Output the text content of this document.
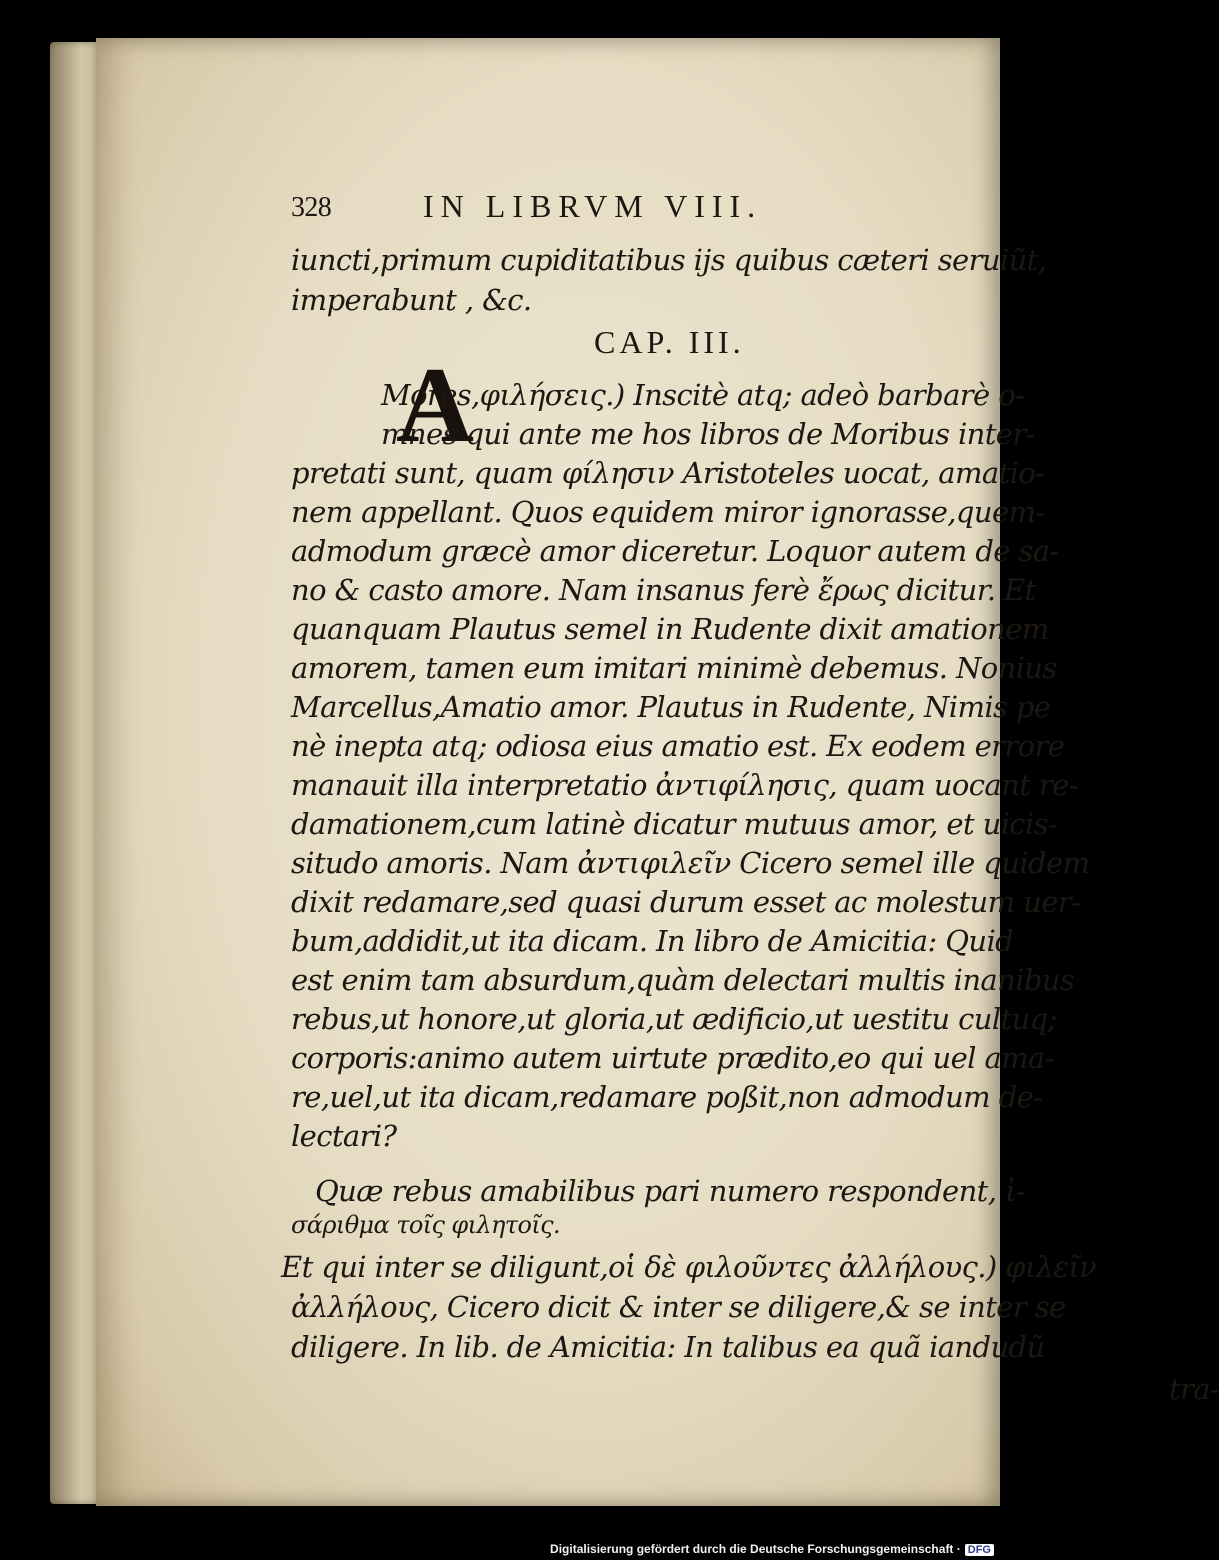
328	IN LIBRVM VIII.
iuncti,primum cupiditatibus ijs quibus cæteri seruiũt,
imperabunt , &c.
CAP. III.
A
Mores,φιλήσεις.) Inscitè atq; adeò barbarè o-
mnes qui ante me hos libros de Moribus inter-
pretati sunt, quam φίλησιν Aristoteles uocat, amatio-
nem appellant. Quos equidem miror ignorasse,quem-
admodum græcè amor diceretur. Loquor autem de sa-
no & casto amore. Nam insanus ferè ἔρως dicitur. Et
quanquam Plautus semel in Rudente dixit amationem
amorem, tamen eum imitari minimè debemus. Nonius
Marcellus,Amatio amor. Plautus in Rudente, Nimis pe
nè inepta atq; odiosa eius amatio est. Ex eodem errore
manauit illa interpretatio ἀντιφίλησις, quam uocant re-
damationem,cum latinè dicatur mutuus amor, et uicis-
situdo amoris. Nam ἀντιφιλεῖν Cicero semel ille quidem
dixit redamare,sed quasi durum esset ac molestum uer-
bum,addidit,ut ita dicam. In libro de Amicitia: Quid
est enim tam absurdum,quàm delectari multis inanibus
rebus,ut honore,ut gloria,ut ædificio,ut uestitu cultuq;
corporis:animo autem uirtute prædito,eo qui uel ama-
re,uel,ut ita dicam,redamare poßit,non admodum de-
lectari?
Quæ rebus amabilibus pari numero respondent, ἰ-
σάριθμα τοῖς φιλητοῖς.
Et qui inter se diligunt,οἱ δὲ φιλοῦντες ἀλλήλους.) φιλεῖν
ἀλλήλους, Cicero dicit & inter se diligere,& se inter se
diligere. In lib. de Amicitia: In talibus ea quã iandudũ
tra-
Digitalisierung gefördert durch die Deutsche Forschungsgemeinschaft · DFG
